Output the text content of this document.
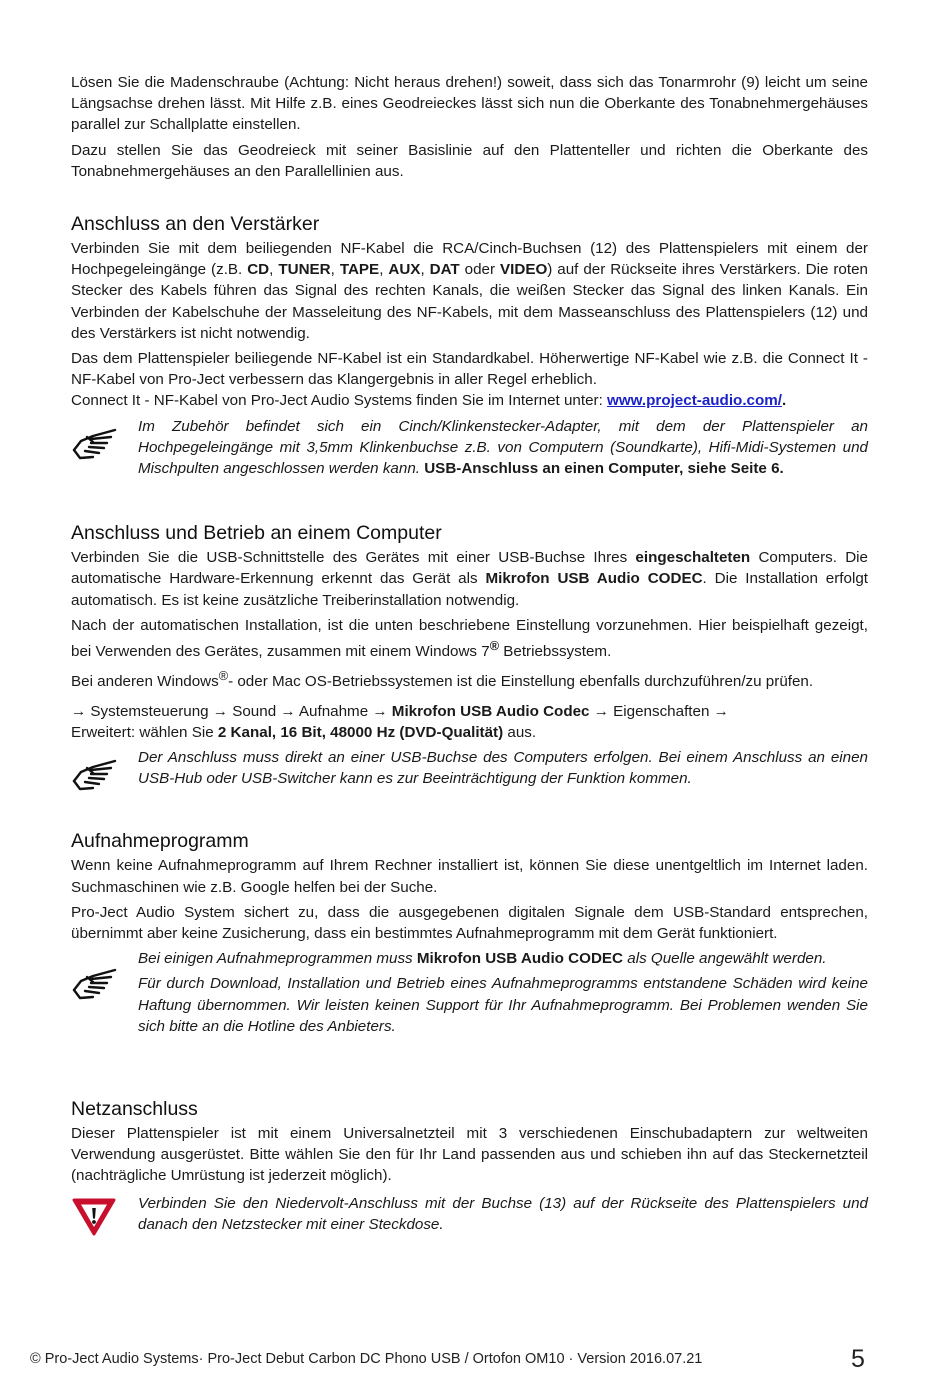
Lösen Sie die Madenschraube (Achtung: Nicht heraus drehen!) soweit, dass sich das Tonarmrohr (9) leicht um seine Längsachse drehen lässt. Mit Hilfe z.B. eines Geodreieckes lässt sich nun die Oberkante des Tonabnehmergehäuses parallel zur Schallplatte einstellen.

Dazu stellen Sie das Geodreieck mit seiner Basislinie auf den Plattenteller und richten die Oberkante des Tonabnehmergehäuses an den Parallellinien aus.

Anschluss an den Verstärker

Verbinden Sie mit dem beiliegenden NF-Kabel die RCA/Cinch-Buchsen (12) des Plattenspielers mit einem der Hochpegeleingänge (z.B. CD, TUNER, TAPE, AUX, DAT oder VIDEO) auf der Rückseite ihres Verstärkers. Die roten Stecker des Kabels führen das Signal des rechten Kanals, die weißen Stecker das Signal des linken Kanals. Ein Verbinden der Kabelschuhe der Masseleitung des NF-Kabels, mit dem Masseanschluss des Plattenspielers (12) und des Verstärkers ist nicht notwendig.

Das dem Plattenspieler beiliegende NF-Kabel ist ein Standardkabel. Höherwertige NF-Kabel wie z.B. die Connect It - NF-Kabel von Pro-Ject verbessern das Klangergebnis in aller Regel erheblich.
Connect It - NF-Kabel von Pro-Ject Audio Systems finden Sie im Internet unter: www.project-audio.com/.

Im Zubehör befindet sich ein Cinch/Klinkenstecker-Adapter, mit dem der Plattenspieler an Hochpegeleingänge mit 3,5mm Klinkenbuchse z.B. von Computern (Soundkarte), Hifi-Midi-Systemen und Mischpulten angeschlossen werden kann. USB-Anschluss an einen Computer, siehe Seite 6.

Anschluss und Betrieb an einem Computer

Verbinden Sie die USB-Schnittstelle des Gerätes mit einer USB-Buchse Ihres eingeschalteten Computers. Die automatische Hardware-Erkennung erkennt das Gerät als Mikrofon USB Audio CODEC. Die Installation erfolgt automatisch. Es ist keine zusätzliche Treiberinstallation notwendig.

Nach der automatischen Installation, ist die unten beschriebene Einstellung vorzunehmen. Hier beispielhaft gezeigt, bei Verwenden des Gerätes, zusammen mit einem Windows 7® Betriebssystem.

Bei anderen Windows®- oder Mac OS-Betriebssystemen ist die Einstellung ebenfalls durchzuführen/zu prüfen.

→ Systemsteuerung → Sound → Aufnahme → Mikrofon USB Audio Codec → Eigenschaften →
Erweitert: wählen Sie 2 Kanal, 16 Bit, 48000 Hz (DVD-Qualität) aus.

Der Anschluss muss direkt an einer USB-Buchse des Computers erfolgen. Bei einem Anschluss an einen USB-Hub oder USB-Switcher kann es zur Beeinträchtigung der Funktion kommen.

Aufnahmeprogramm

Wenn keine Aufnahmeprogramm auf Ihrem Rechner installiert ist, können Sie diese unentgeltlich im Internet laden. Suchmaschinen wie z.B. Google helfen bei der Suche.

Pro-Ject Audio System sichert zu, dass die ausgegebenen digitalen Signale dem USB-Standard entsprechen, übernimmt aber keine Zusicherung, dass ein bestimmtes Aufnahmeprogramm mit dem Gerät funktioniert.

Bei einigen Aufnahmeprogrammen muss Mikrofon USB Audio CODEC als Quelle angewählt werden.

Für durch Download, Installation und Betrieb eines Aufnahmeprogramms entstandene Schäden wird keine Haftung übernommen. Wir leisten keinen Support für Ihr Aufnahmeprogramm. Bei Problemen wenden Sie sich bitte an die Hotline des Anbieters.

Netzanschluss

Dieser Plattenspieler ist mit einem Universalnetzteil mit 3 verschiedenen Einschubadaptern zur weltweiten Verwendung ausgerüstet. Bitte wählen Sie den für Ihr Land passenden aus und schieben ihn auf das Steckernetzteil (nachträgliche Umrüstung ist jederzeit möglich).

Verbinden Sie den Niedervolt-Anschluss mit der Buchse (13) auf der Rückseite des Plattenspielers und danach den Netzstecker mit einer Steckdose.

© Pro-Ject Audio Systems· Pro-Ject Debut Carbon DC Phono USB / Ortofon OM10 · Version 2016.07.21	5
